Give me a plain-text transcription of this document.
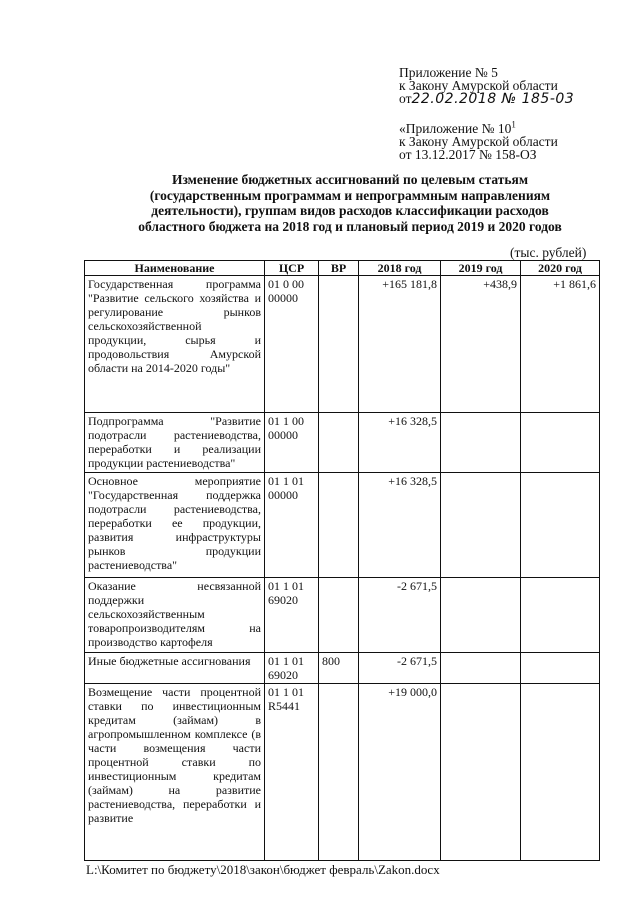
Приложение № 5
к Закону Амурской области
от22.02.2018 № 185-03
«Приложение № $10^1$
к Закону Амурской области
от 13.12.2017 № 158-ОЗ
Изменение бюджетных ассигнований по целевым статьям
(государственным программам и непрограммным направлениям
деятельности), группам видов расходов классификации расходов
областного бюджета на 2018 год и плановый период 2019 и 2020 годов
(тыс. рублей)
Наименование	ЦСР	ВР	2018 год	2019 год	2020 год
Государственная программа "Развитие сельского хозяйства и регулирование рынков сельскохозяйственной продукции, сырья и продовольствия Амурской области на 2014-2020 годы"	01 0 00 00000		+165 181,8	+438,9	+1 861,6
Подпрограмма "Развитие подотрасли растениеводства, переработки и реализации продукции растениеводства"	01 1 00 00000		+16 328,5		
Основное мероприятие "Государственная поддержка подотрасли растениеводства, переработки ее продукции, развития инфраструктуры рынков продукции растениеводства"	01 1 01 00000		+16 328,5		
Оказание несвязанной поддержки сельскохозяйственным товаропроизводителям на производство картофеля	01 1 01 69020		-2 671,5		
Иные бюджетные ассигнования	01 1 01 69020	800	-2 671,5		
Возмещение части процентной ставки по инвестиционным кредитам (займам) в агропромышленном комплексе (в части возмещения части процентной ставки по инвестиционным кредитам (займам) на развитие растениеводства, переработки и развитие	01 1 01 R5441		+19 000,0		
L:\Комитет по бюджету\2018\закон\бюджет февраль\Zakon.docx
